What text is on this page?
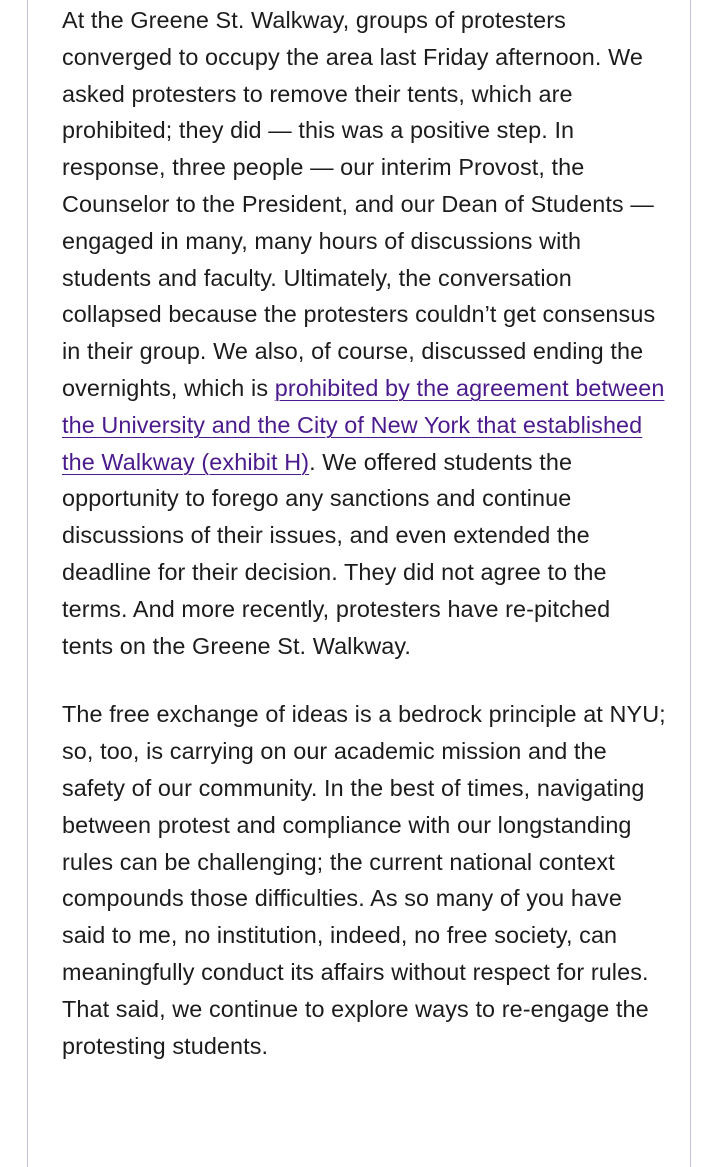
At the Greene St. Walkway, groups of protesters converged to occupy the area last Friday afternoon. We asked protesters to remove their tents, which are prohibited; they did — this was a positive step. In response, three people — our interim Provost, the Counselor to the President, and our Dean of Students — engaged in many, many hours of discussions with students and faculty. Ultimately, the conversation collapsed because the protesters couldn’t get consensus in their group. We also, of course, discussed ending the overnights, which is prohibited by the agreement between the University and the City of New York that established the Walkway (exhibit H). We offered students the opportunity to forego any sanctions and continue discussions of their issues, and even extended the deadline for their decision. They did not agree to the terms. And more recently, protesters have re-pitched tents on the Greene St. Walkway.

The free exchange of ideas is a bedrock principle at NYU; so, too, is carrying on our academic mission and the safety of our community. In the best of times, navigating between protest and compliance with our longstanding rules can be challenging; the current national context compounds those difficulties. As so many of you have said to me, no institution, indeed, no free society, can meaningfully conduct its affairs without respect for rules. That said, we continue to explore ways to re-engage the protesting students.
